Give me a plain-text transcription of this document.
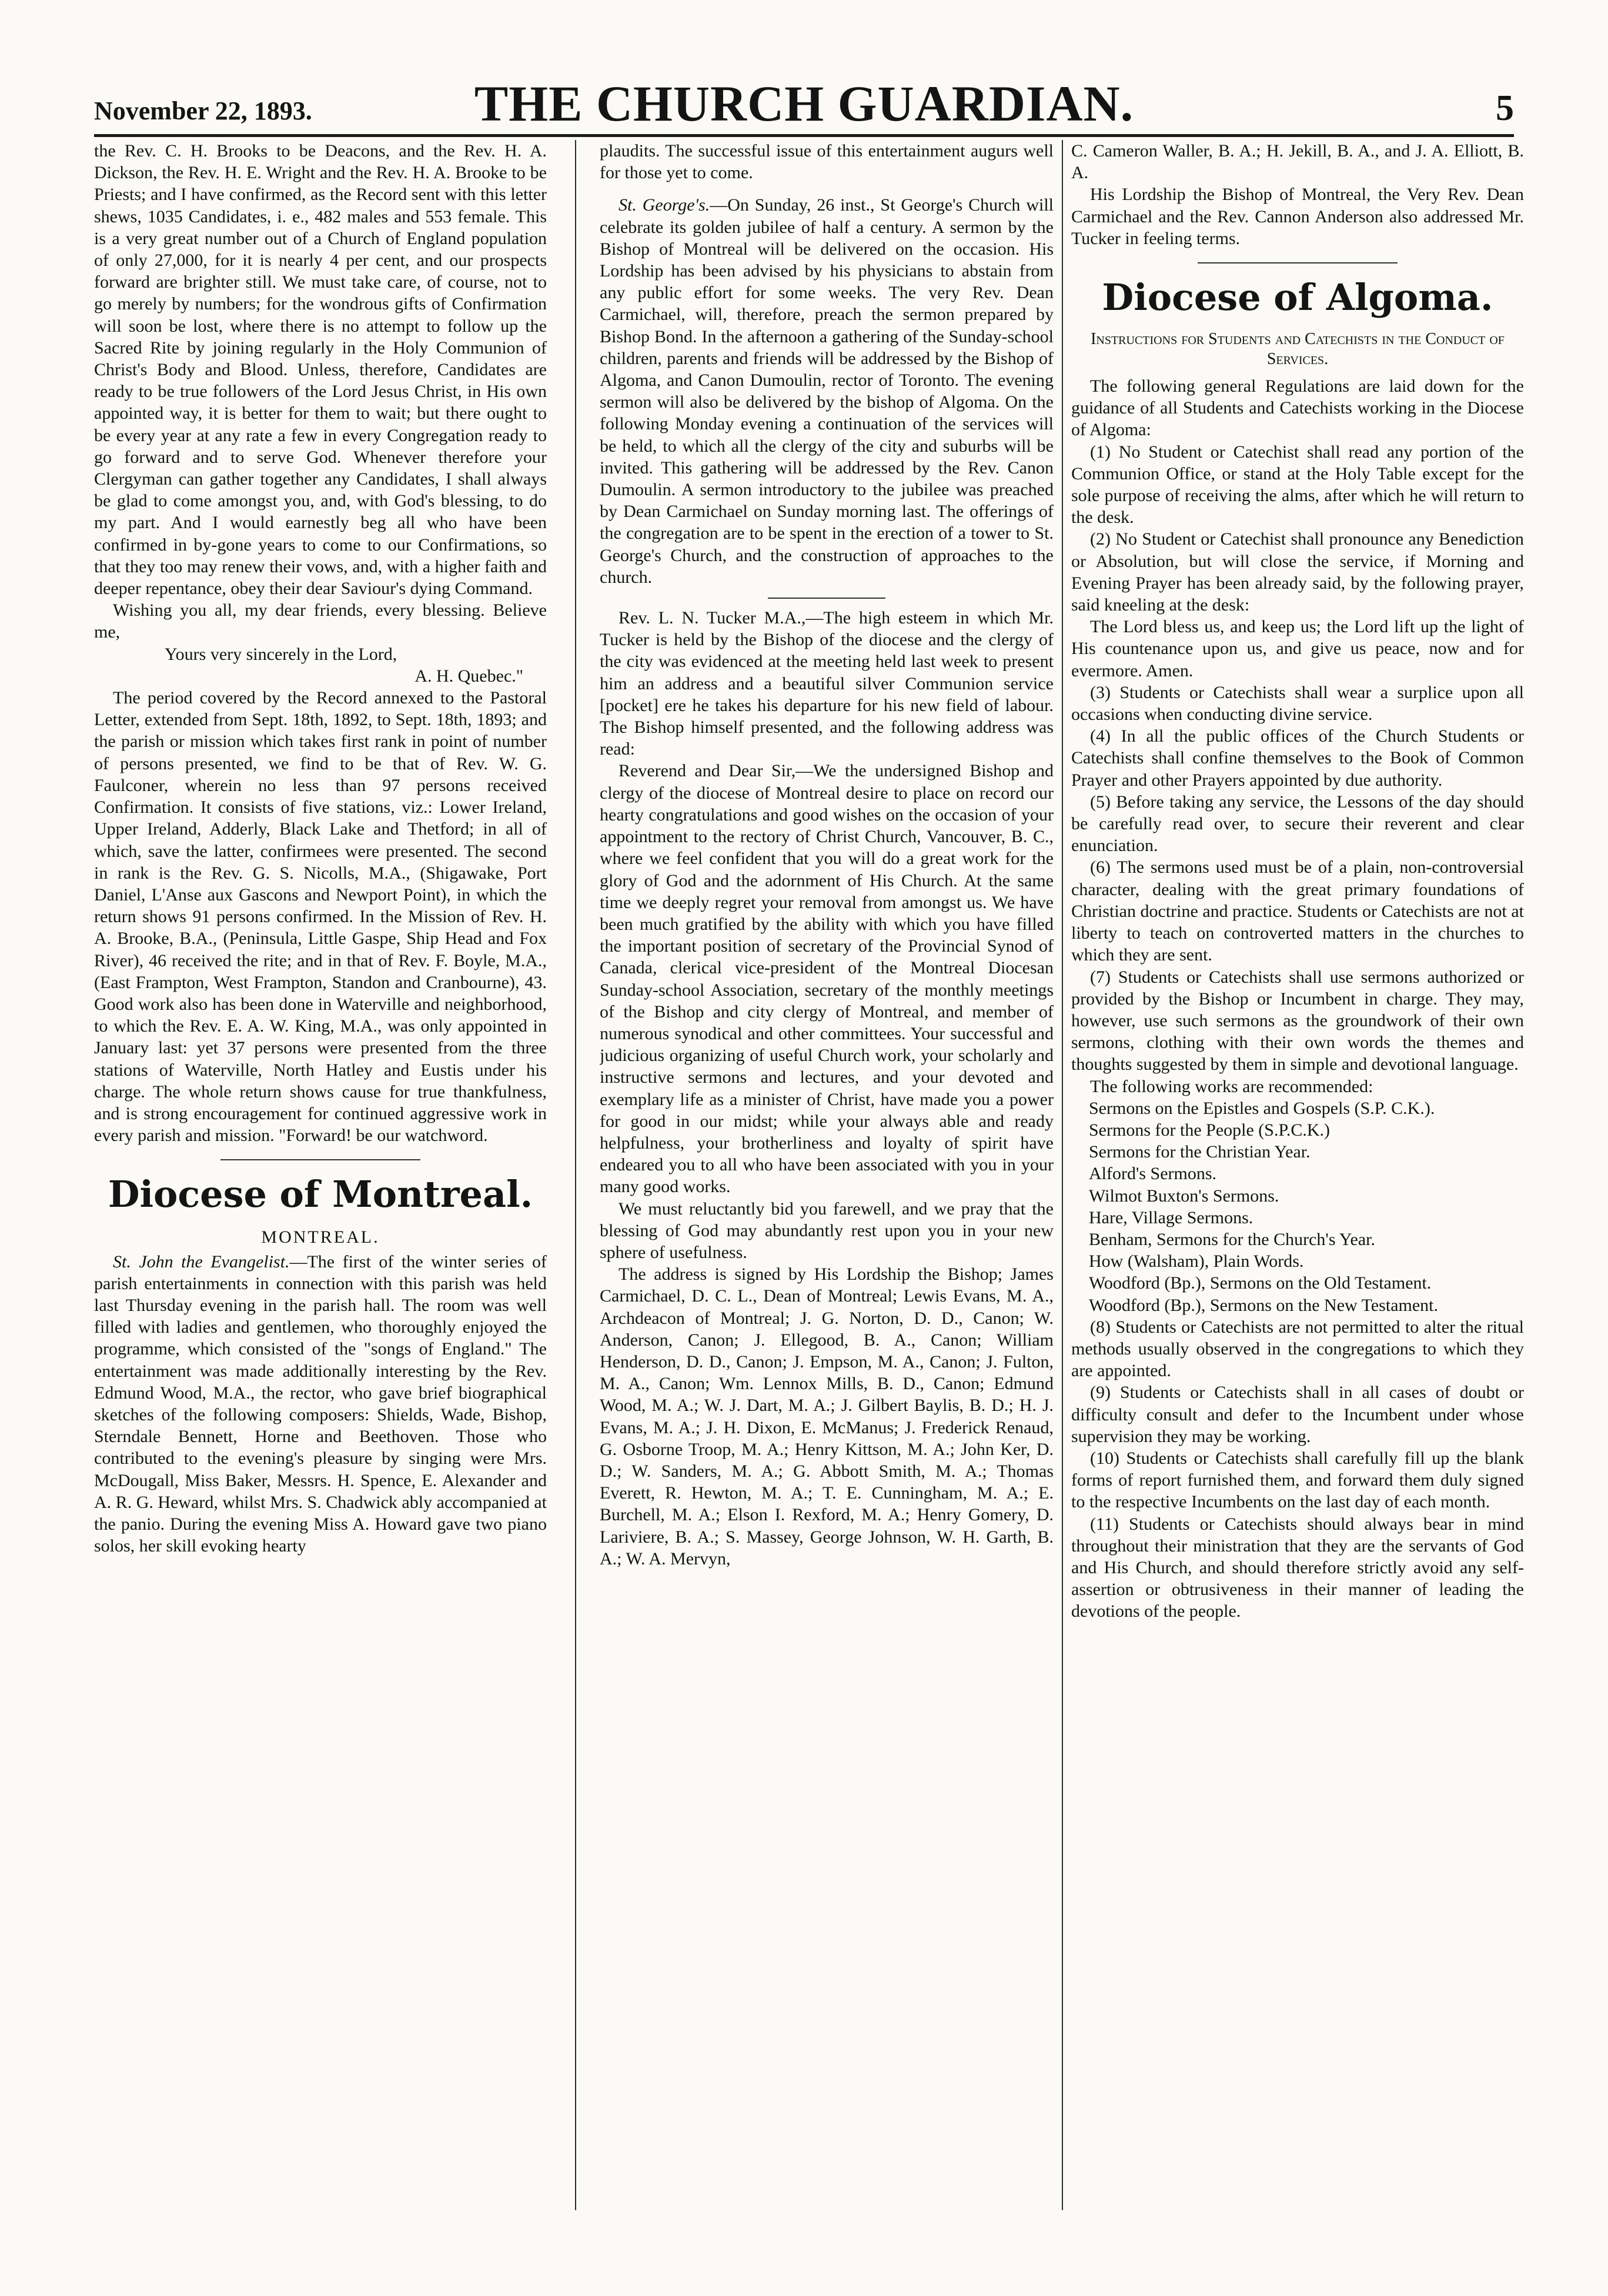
November 22, 1893.	THE CHURCH GUARDIAN.	5

the Rev. C. H. Brooks to be Deacons, and the Rev. H. A. Dickson, the Rev. H. E. Wright and the Rev. H. A. Brooke to be Priests; and I have confirmed, as the Record sent with this letter shews, 1035 Candidates, i. e., 482 males and 553 female. This is a very great number out of a Church of England population of only 27,000, for it is nearly 4 per cent, and our prospects forward are brighter still. We must take care, of course, not to go merely by numbers; for the wondrous gifts of Confirmation will soon be lost, where there is no attempt to follow up the Sacred Rite by joining regularly in the Holy Communion of Christ's Body and Blood. Unless, therefore, Candidates are ready to be true followers of the Lord Jesus Christ, in His own appointed way, it is better for them to wait; but there ought to be every year at any rate a few in every Congregation ready to go forward and to serve God. Whenever therefore your Clergyman can gather together any Candidates, I shall always be glad to come amongst you, and, with God's blessing, to do my part. And I would earnestly beg all who have been confirmed in by-gone years to come to our Confirmations, so that they too may renew their vows, and, with a higher faith and deeper repentance, obey their dear Saviour's dying Command.

Wishing you all, my dear friends, every blessing. Believe me,

Yours very sincerely in the Lord,

A. H. Quebec."

The period covered by the Record annexed to the Pastoral Letter, extended from Sept. 18th, 1892, to Sept. 18th, 1893; and the parish or mission which takes first rank in point of number of persons presented, we find to be that of Rev. W. G. Faulconer, wherein no less than 97 persons received Confirmation. It consists of five stations, viz.: Lower Ireland, Upper Ireland, Adderly, Black Lake and Thetford; in all of which, save the latter, confirmees were presented. The second in rank is the Rev. G. S. Nicolls, M.A., (Shigawake, Port Daniel, L'Anse aux Gascons and Newport Point), in which the return shows 91 persons confirmed. In the Mission of Rev. H. A. Brooke, B.A., (Peninsula, Little Gaspe, Ship Head and Fox River), 46 received the rite; and in that of Rev. F. Boyle, M.A., (East Frampton, West Frampton, Standon and Cranbourne), 43. Good work also has been done in Waterville and neighborhood, to which the Rev. E. A. W. King, M.A., was only appointed in January last: yet 37 persons were presented from the three stations of Waterville, North Hatley and Eustis under his charge. The whole return shows cause for true thankfulness, and is strong encouragement for continued aggressive work in every parish and mission. "Forward! be our watchword.

Diocese of Montreal.
MONTREAL.

St. John the Evangelist.—The first of the winter series of parish entertainments in connection with this parish was held last Thursday evening in the parish hall. The room was well filled with ladies and gentlemen, who thoroughly enjoyed the programme, which consisted of the "songs of England." The entertainment was made additionally interesting by the Rev. Edmund Wood, M.A., the rector, who gave brief biographical sketches of the following composers: Shields, Wade, Bishop, Sterndale Bennett, Horne and Beethoven. Those who contributed to the evening's pleasure by singing were Mrs. McDougall, Miss Baker, Messrs. H. Spence, E. Alexander and A. R. G. Heward, whilst Mrs. S. Chadwick ably accompanied at the panio. During the evening Miss A. Howard gave two piano solos, her skill evoking hearty

plaudits. The successful issue of this entertainment augurs well for those yet to come.

St. George's.—On Sunday, 26 inst., St George's Church will celebrate its golden jubilee of half a century. A sermon by the Bishop of Montreal will be delivered on the occasion. His Lordship has been advised by his physicians to abstain from any public effort for some weeks. The very Rev. Dean Carmichael, will, therefore, preach the sermon prepared by Bishop Bond. In the afternoon a gathering of the Sunday-school children, parents and friends will be addressed by the Bishop of Algoma, and Canon Dumoulin, rector of Toronto. The evening sermon will also be delivered by the bishop of Algoma. On the following Monday evening a continuation of the services will be held, to which all the clergy of the city and suburbs will be invited. This gathering will be addressed by the Rev. Canon Dumoulin. A sermon introductory to the jubilee was preached by Dean Carmichael on Sunday morning last. The offerings of the congregation are to be spent in the erection of a tower to St. George's Church, and the construction of approaches to the church.

Rev. L. N. Tucker M.A.,—The high esteem in which Mr. Tucker is held by the Bishop of the diocese and the clergy of the city was evidenced at the meeting held last week to present him an address and a beautiful silver Communion service [pocket] ere he takes his departure for his new field of labour. The Bishop himself presented, and the following address was read:

Reverend and Dear Sir,—We the undersigned Bishop and clergy of the diocese of Montreal desire to place on record our hearty congratulations and good wishes on the occasion of your appointment to the rectory of Christ Church, Vancouver, B. C., where we feel confident that you will do a great work for the glory of God and the adornment of His Church. At the same time we deeply regret your removal from amongst us. We have been much gratified by the ability with which you have filled the important position of secretary of the Provincial Synod of Canada, clerical vice-president of the Montreal Diocesan Sunday-school Association, secretary of the monthly meetings of the Bishop and city clergy of Montreal, and member of numerous synodical and other committees. Your successful and judicious organizing of useful Church work, your scholarly and instructive sermons and lectures, and your devoted and exemplary life as a minister of Christ, have made you a power for good in our midst; while your always able and ready helpfulness, your brotherliness and loyalty of spirit have endeared you to all who have been associated with you in your many good works.

We must reluctantly bid you farewell, and we pray that the blessing of God may abundantly rest upon you in your new sphere of usefulness.

The address is signed by His Lordship the Bishop; James Carmichael, D. C. L., Dean of Montreal; Lewis Evans, M. A., Archdeacon of Montreal; J. G. Norton, D. D., Canon; W. Anderson, Canon; J. Ellegood, B. A., Canon; William Henderson, D. D., Canon; J. Empson, M. A., Canon; J. Fulton, M. A., Canon; Wm. Lennox Mills, B. D., Canon; Edmund Wood, M. A.; W. J. Dart, M. A.; J. Gilbert Baylis, B. D.; H. J. Evans, M. A.; J. H. Dixon, E. McManus; J. Frederick Renaud, G. Osborne Troop, M. A.; Henry Kittson, M. A.; John Ker, D. D.; W. Sanders, M. A.; G. Abbott Smith, M. A.; Thomas Everett, R. Hewton, M. A.; T. E. Cunningham, M. A.; E. Burchell, M. A.; Elson I. Rexford, M. A.; Henry Gomery, D. Lariviere, B. A.; S. Massey, George Johnson, W. H. Garth, B. A.; W. A. Mervyn,

C. Cameron Waller, B. A.; H. Jekill, B. A., and J. A. Elliott, B. A.

His Lordship the Bishop of Montreal, the Very Rev. Dean Carmichael and the Rev. Cannon Anderson also addressed Mr. Tucker in feeling terms.

Diocese of Algoma.
Instructions for Students and Catechists in the Conduct of Services.

The following general Regulations are laid down for the guidance of all Students and Catechists working in the Diocese of Algoma:

(1) No Student or Catechist shall read any portion of the Communion Office, or stand at the Holy Table except for the sole purpose of receiving the alms, after which he will return to the desk.

(2) No Student or Catechist shall pronounce any Benediction or Absolution, but will close the service, if Morning and Evening Prayer has been already said, by the following prayer, said kneeling at the desk:

The Lord bless us, and keep us; the Lord lift up the light of His countenance upon us, and give us peace, now and for evermore. Amen.

(3) Students or Catechists shall wear a surplice upon all occasions when conducting divine service.

(4) In all the public offices of the Church Students or Catechists shall confine themselves to the Book of Common Prayer and other Prayers appointed by due authority.

(5) Before taking any service, the Lessons of the day should be carefully read over, to secure their reverent and clear enunciation.

(6) The sermons used must be of a plain, non-controversial character, dealing with the great primary foundations of Christian doctrine and practice. Students or Catechists are not at liberty to teach on controverted matters in the churches to which they are sent.

(7) Students or Catechists shall use sermons authorized or provided by the Bishop or Incumbent in charge. They may, however, use such sermons as the groundwork of their own sermons, clothing with their own words the themes and thoughts suggested by them in simple and devotional language.

The following works are recommended:

Sermons on the Epistles and Gospels (S.P. C.K.).

Sermons for the People (S.P.C.K.)

Sermons for the Christian Year.

Alford's Sermons.

Wilmot Buxton's Sermons.

Hare, Village Sermons.

Benham, Sermons for the Church's Year.

How (Walsham), Plain Words.

Woodford (Bp.), Sermons on the Old Testament.

Woodford (Bp.), Sermons on the New Testament.

(8) Students or Catechists are not permitted to alter the ritual methods usually observed in the congregations to which they are appointed.

(9) Students or Catechists shall in all cases of doubt or difficulty consult and defer to the Incumbent under whose supervision they may be working.

(10) Students or Catechists shall carefully fill up the blank forms of report furnished them, and forward them duly signed to the respective Incumbents on the last day of each month.

(11) Students or Catechists should always bear in mind throughout their ministration that they are the servants of God and His Church, and should therefore strictly avoid any self-assertion or obtrusiveness in their manner of leading the devotions of the people.
